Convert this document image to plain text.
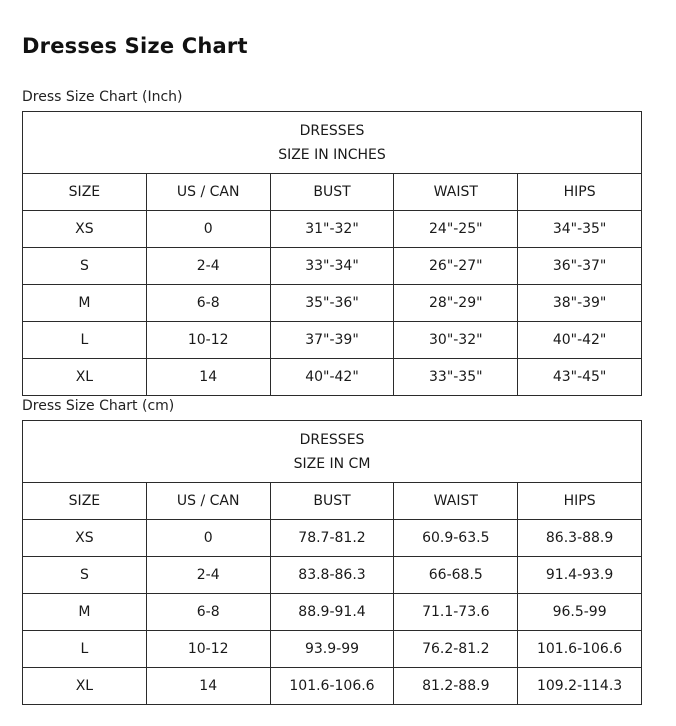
Dresses Size Chart

Dress Size Chart (Inch)

DRESSES
SIZE IN INCHES				

SIZE	US / CAN	BUST	WAIST	HIPS
XS	0	31"-32"	24"-25"	34"-35"
S	2-4	33"-34"	26"-27"	36"-37"
M	6-8	35"-36"	28"-29"	38"-39"
L	10-12	37"-39"	30"-32"	40"-42"
XL	14	40"-42"	33"-35"	43"-45"

Dress Size Chart (cm)

DRESSES
SIZE IN CM				

SIZE	US / CAN	BUST	WAIST	HIPS
XS	0	78.7-81.2	60.9-63.5	86.3-88.9
S	2-4	83.8-86.3	66-68.5	91.4-93.9
M	6-8	88.9-91.4	71.1-73.6	96.5-99
L	10-12	93.9-99	76.2-81.2	101.6-106.6
XL	14	101.6-106.6	81.2-88.9	109.2-114.3
